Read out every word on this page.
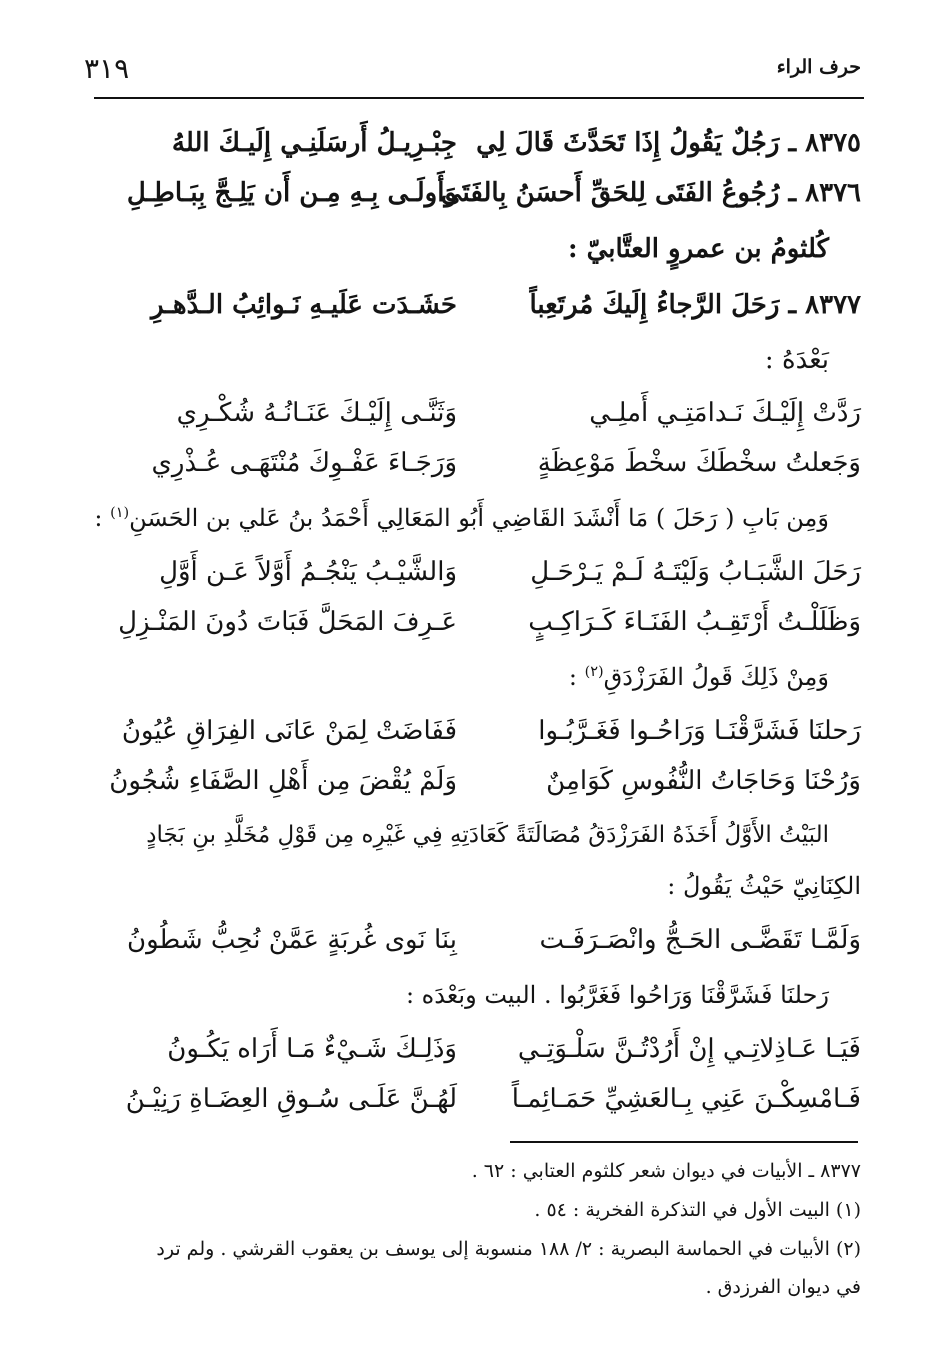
٣١٩	حرف الراء
٨٣٧٥ ـ رَجُلٌ يَقُولُ إِذَا تَحَدَّثَ قَالَ لِي
جِبْـرِيـلُ أَرسَلَنِـي إِلَيـكَ اللهُ
٨٣٧٦ ـ رُجُوعُ الفَتَى لِلحَقِّ أَحسَنُ بِالفَتَى
وَأَولَـى بِـهِ مِـن أَن يَلِـجَّ بِبَـاطِـلِ
كُلثومُ بن عمروٍ العتَّابيّ :
٨٣٧٧ ـ رَحَلَ الرَّجاءُ إِلَيكَ مُرتَعِباً
حَشَـدَت عَلَيـهِ نَـوائِبُ الـدَّهـرِ
بَعْدَهُ :
رَدَّتْ إِلَيْـكَ نَـدامَتِـي أَملِـي
وَثَنَّـى إِلَيْـكَ عَنَـانُـهُ شُكْـرِي
وَجَعلتُ سخْطَكَ سخْطَ مَوْعِظَةٍ
وَرَجَـاءَ عَفْـوِكَ مُنْتَهَـى عُـذْرِي
وَمِن بَابِ ( رَحَلَ ) مَا أَنْشَدَ القَاضِي أَبُو المَعَالِي أَحْمَدُ بنُ عَلي بن الحَسَنِ$^{(١)}$ :
رَحَلَ الشَّبَـابُ وَلَيْتَـهُ لَـمْ يَـرْحَـلِ
وَالشَّيْـبُ يَنْجُـمُ أَوَّلاً عَـن أَوَّلِ
وَظَلَلْـتُ أَرْتَقِـبُ الفَنَـاءَ كَـرَاكِـبٍ
عَـرِفَ المَحَلَّ فَبَاتَ دُونَ المَنْـزِلِ
وَمِنْ ذَلِكَ قَولُ الفَرَزْدَقِ$^{(٢)}$ :
رَحلنَا فَشَرَّقْنَـا وَرَاحُـوا فَغَـرَّبُـوا
فَفَاضَتْ لِمَنْ عَانَى الفِرَاقِ عُيُونُ
وَرُحْنَا وَحَاجَاتُ النُّفُوسِ كَوَامِنٌ
وَلَمْ يُقْضَ مِن أَهْلِ الصَّفَاءِ شُجُونُ
البَيْتُ الأَوَّلُ أَخَذَهُ الفَرَزْدَقُ مُصَالَتَةً كَعَادَتِهِ فِي غَيْرِه مِن قَوْلِ مُخَلَّدِ بنِ بَجَادٍ
الكِنَانِيّ حَيْثُ يَقُولُ :
وَلَمَّـا تَقَضَّـى الحَـجُّ وانْصَـرَفَـت
بِنَا نَوى غُربَةٍ عَمَّنْ نُحِبُّ شَطُونُ
رَحلنَا فَشَرَّقْنَا وَرَاحُوا فَغَرَّبُوا . البيت وبَعْدَه :
فَيَـا عَـاذِلاتِـي إِنْ أَرُدْتُـنَّ سَلْـوَتِـي
وَذَلِـكَ شَـيْءٌ مَـا أَرَاه يَكُـونُ
فَـامْسِكْـنَ عَنِي بِـالعَشِيِّ حَمَـائِمـاً
لَهُـنَّ عَلَـى سُـوقِ العِضَـاةِ رَنِيْـنُ
٨٣٧٧ ـ الأبيات في ديوان شعر كلثوم العتابي : ٦٢ .
(١) البيت الأول في التذكرة الفخرية : ٥٤ .
(٢) الأبيات في الحماسة البصرية : ٢/ ١٨٨ منسوبة إلى يوسف بن يعقوب القرشي . ولم ترد
في ديوان الفرزدق .
